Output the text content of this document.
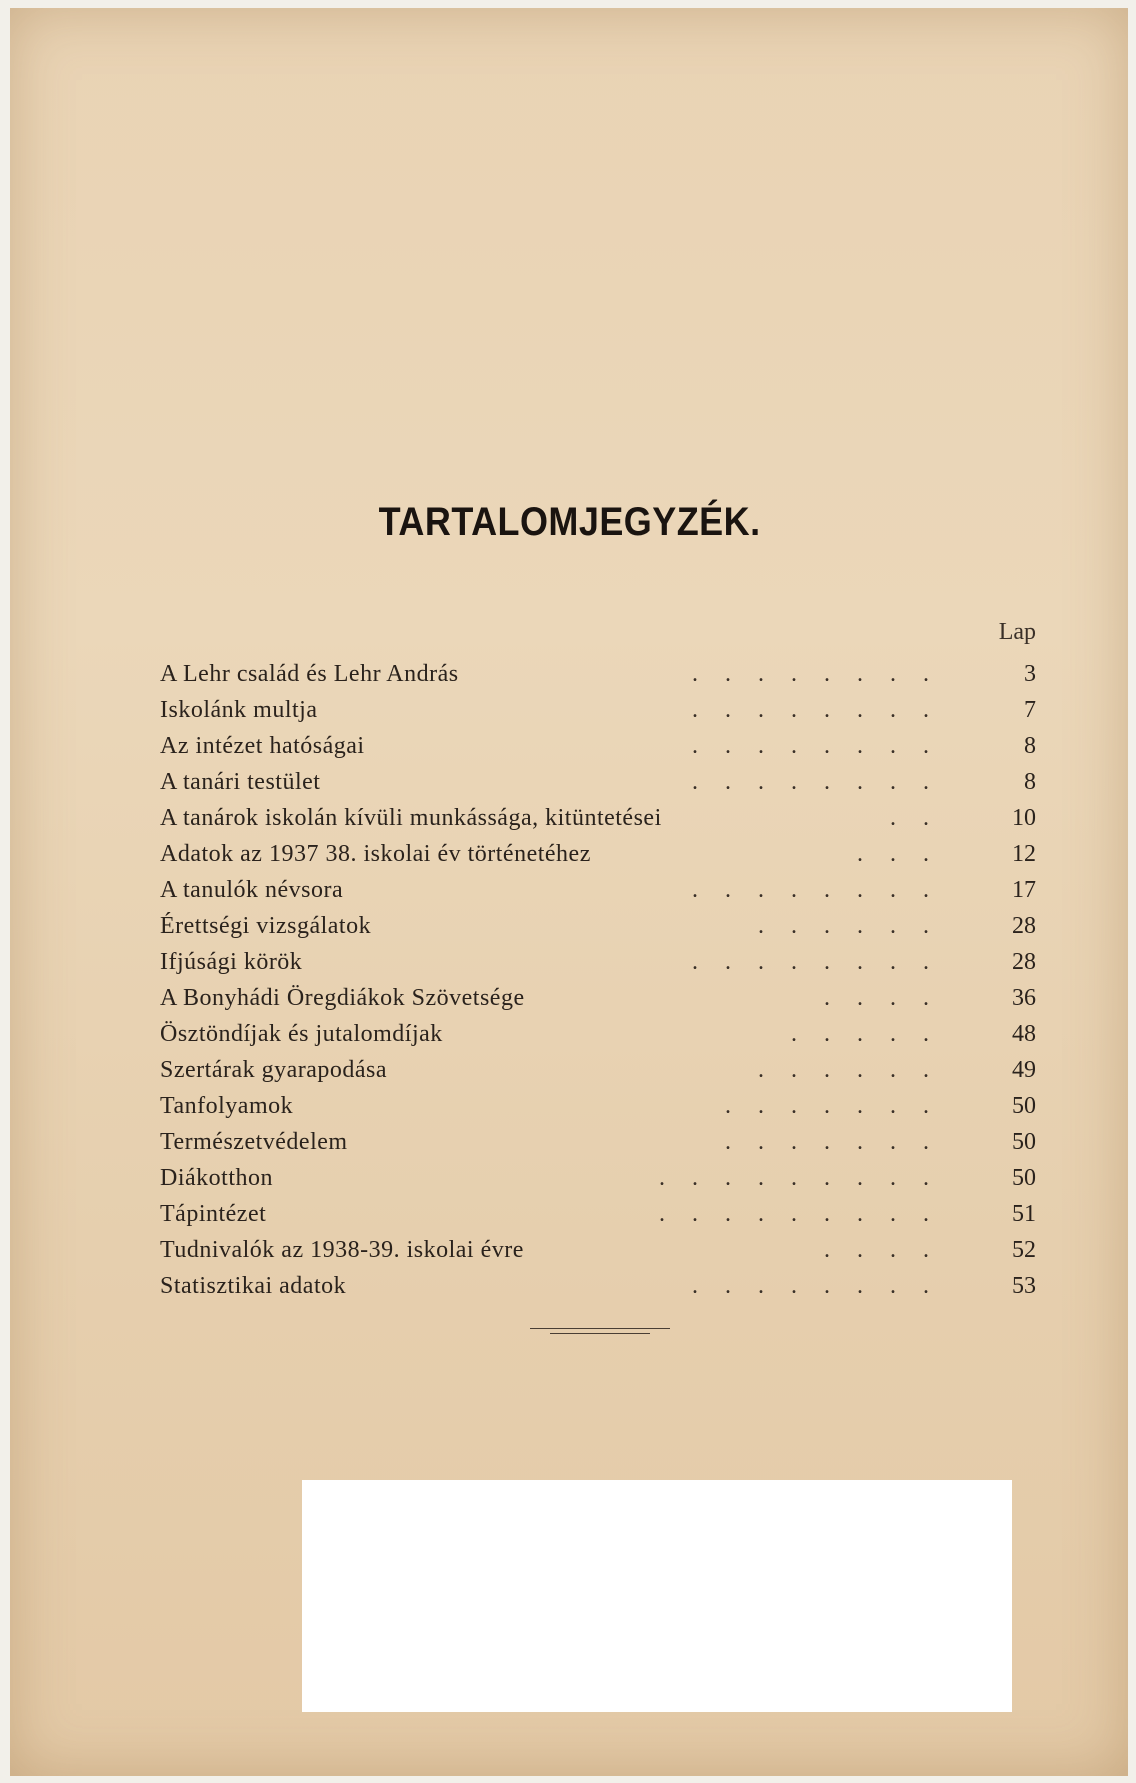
TARTALOMJEGYZÉK.
Lap
A Lehr család és Lehr András	........	3
Iskolánk multja	........	7
Az intézet hatóságai	........	8
A tanári testület	........	8
A tanárok iskolán kívüli munkássága, kitüntetései	..	10
Adatok az 1937 38. iskolai év történetéhez	...	12
A tanulók névsora	........	17
Érettségi vizsgálatok	......	28
Ifjúsági körök	........	28
A Bonyhádi Öregdiákok Szövetsége	....	36
Ösztöndíjak és jutalomdíjak	.....	48
Szertárak gyarapodása	......	49
Tanfolyamok	.......	50
Természetvédelem	.......	50
Diákotthon	.........	50
Tápintézet	.........	51
Tudnivalók az 1938-39. iskolai évre	....	52
Statisztikai adatok	........	53
